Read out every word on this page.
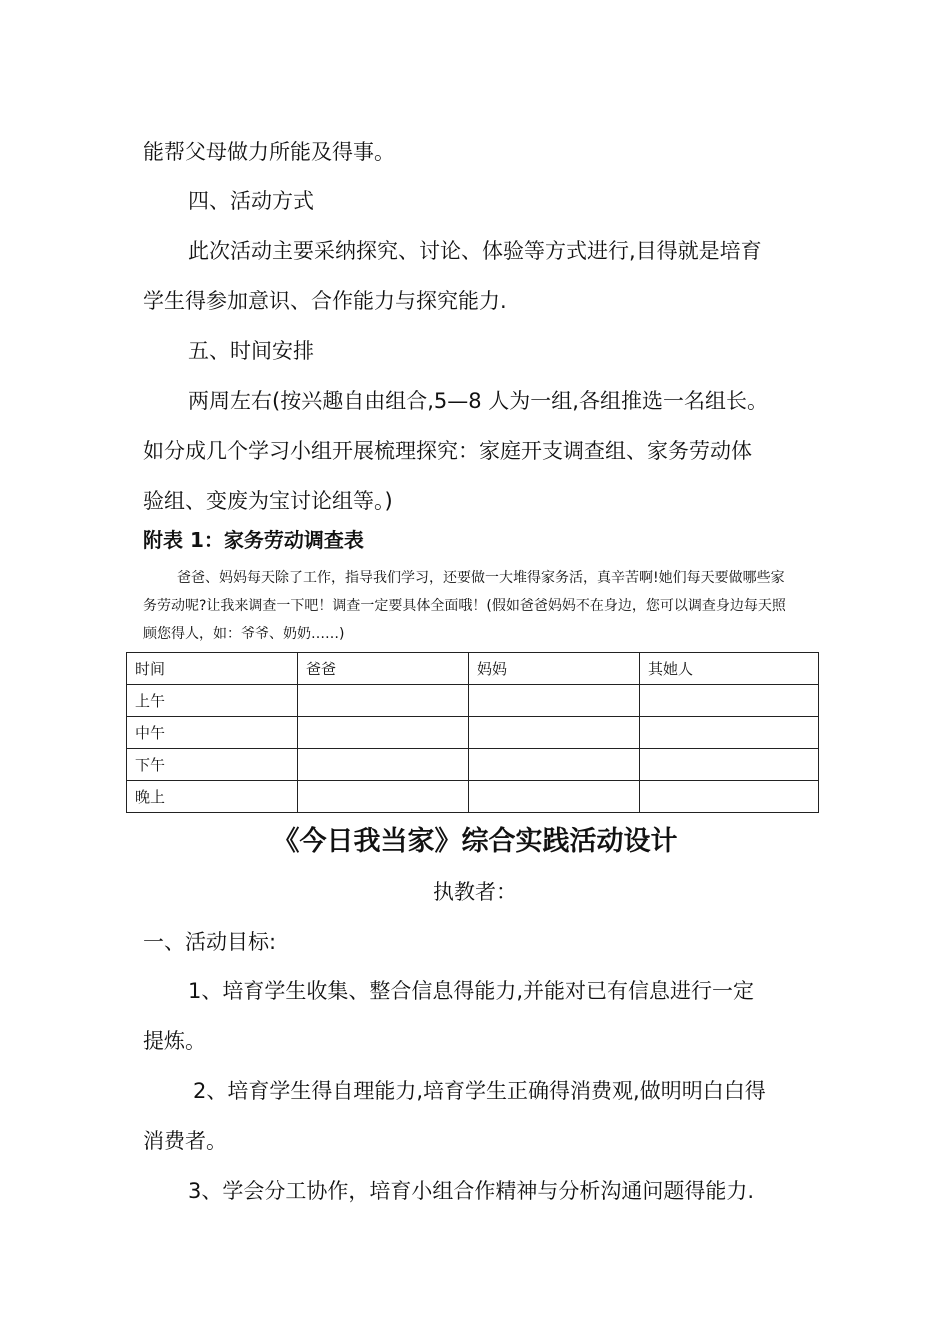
能帮父母做力所能及得事。
四、活动方式
此次活动主要采纳探究、讨论、体验等方式进行,目得就是培育
学生得参加意识、合作能力与探究能力.
五、时间安排
两周左右(按兴趣自由组合,5—8 人为一组,各组推选一名组长。
如分成几个学习小组开展梳理探究：家庭开支调查组、家务劳动体
验组、变废为宝讨论组等。)
附表 1：家务劳动调查表
爸爸、妈妈每天除了工作，指导我们学习，还要做一大堆得家务活，真辛苦啊!她们每天要做哪些家
务劳动呢?让我来调查一下吧！调查一定要具体全面哦！(假如爸爸妈妈不在身边，您可以调查身边每天照
顾您得人，如：爷爷、奶奶……)
时间	爸爸	妈妈	其她人
上午			
中午			
下午			
晚上			
《今日我当家》综合实践活动设计
执教者：
一、活动目标:
1、培育学生收集、整合信息得能力,并能对已有信息进行一定
提炼。
2、培育学生得自理能力,培育学生正确得消费观,做明明白白得
消费者。
3、学会分工协作，培育小组合作精神与分析沟通问题得能力.
